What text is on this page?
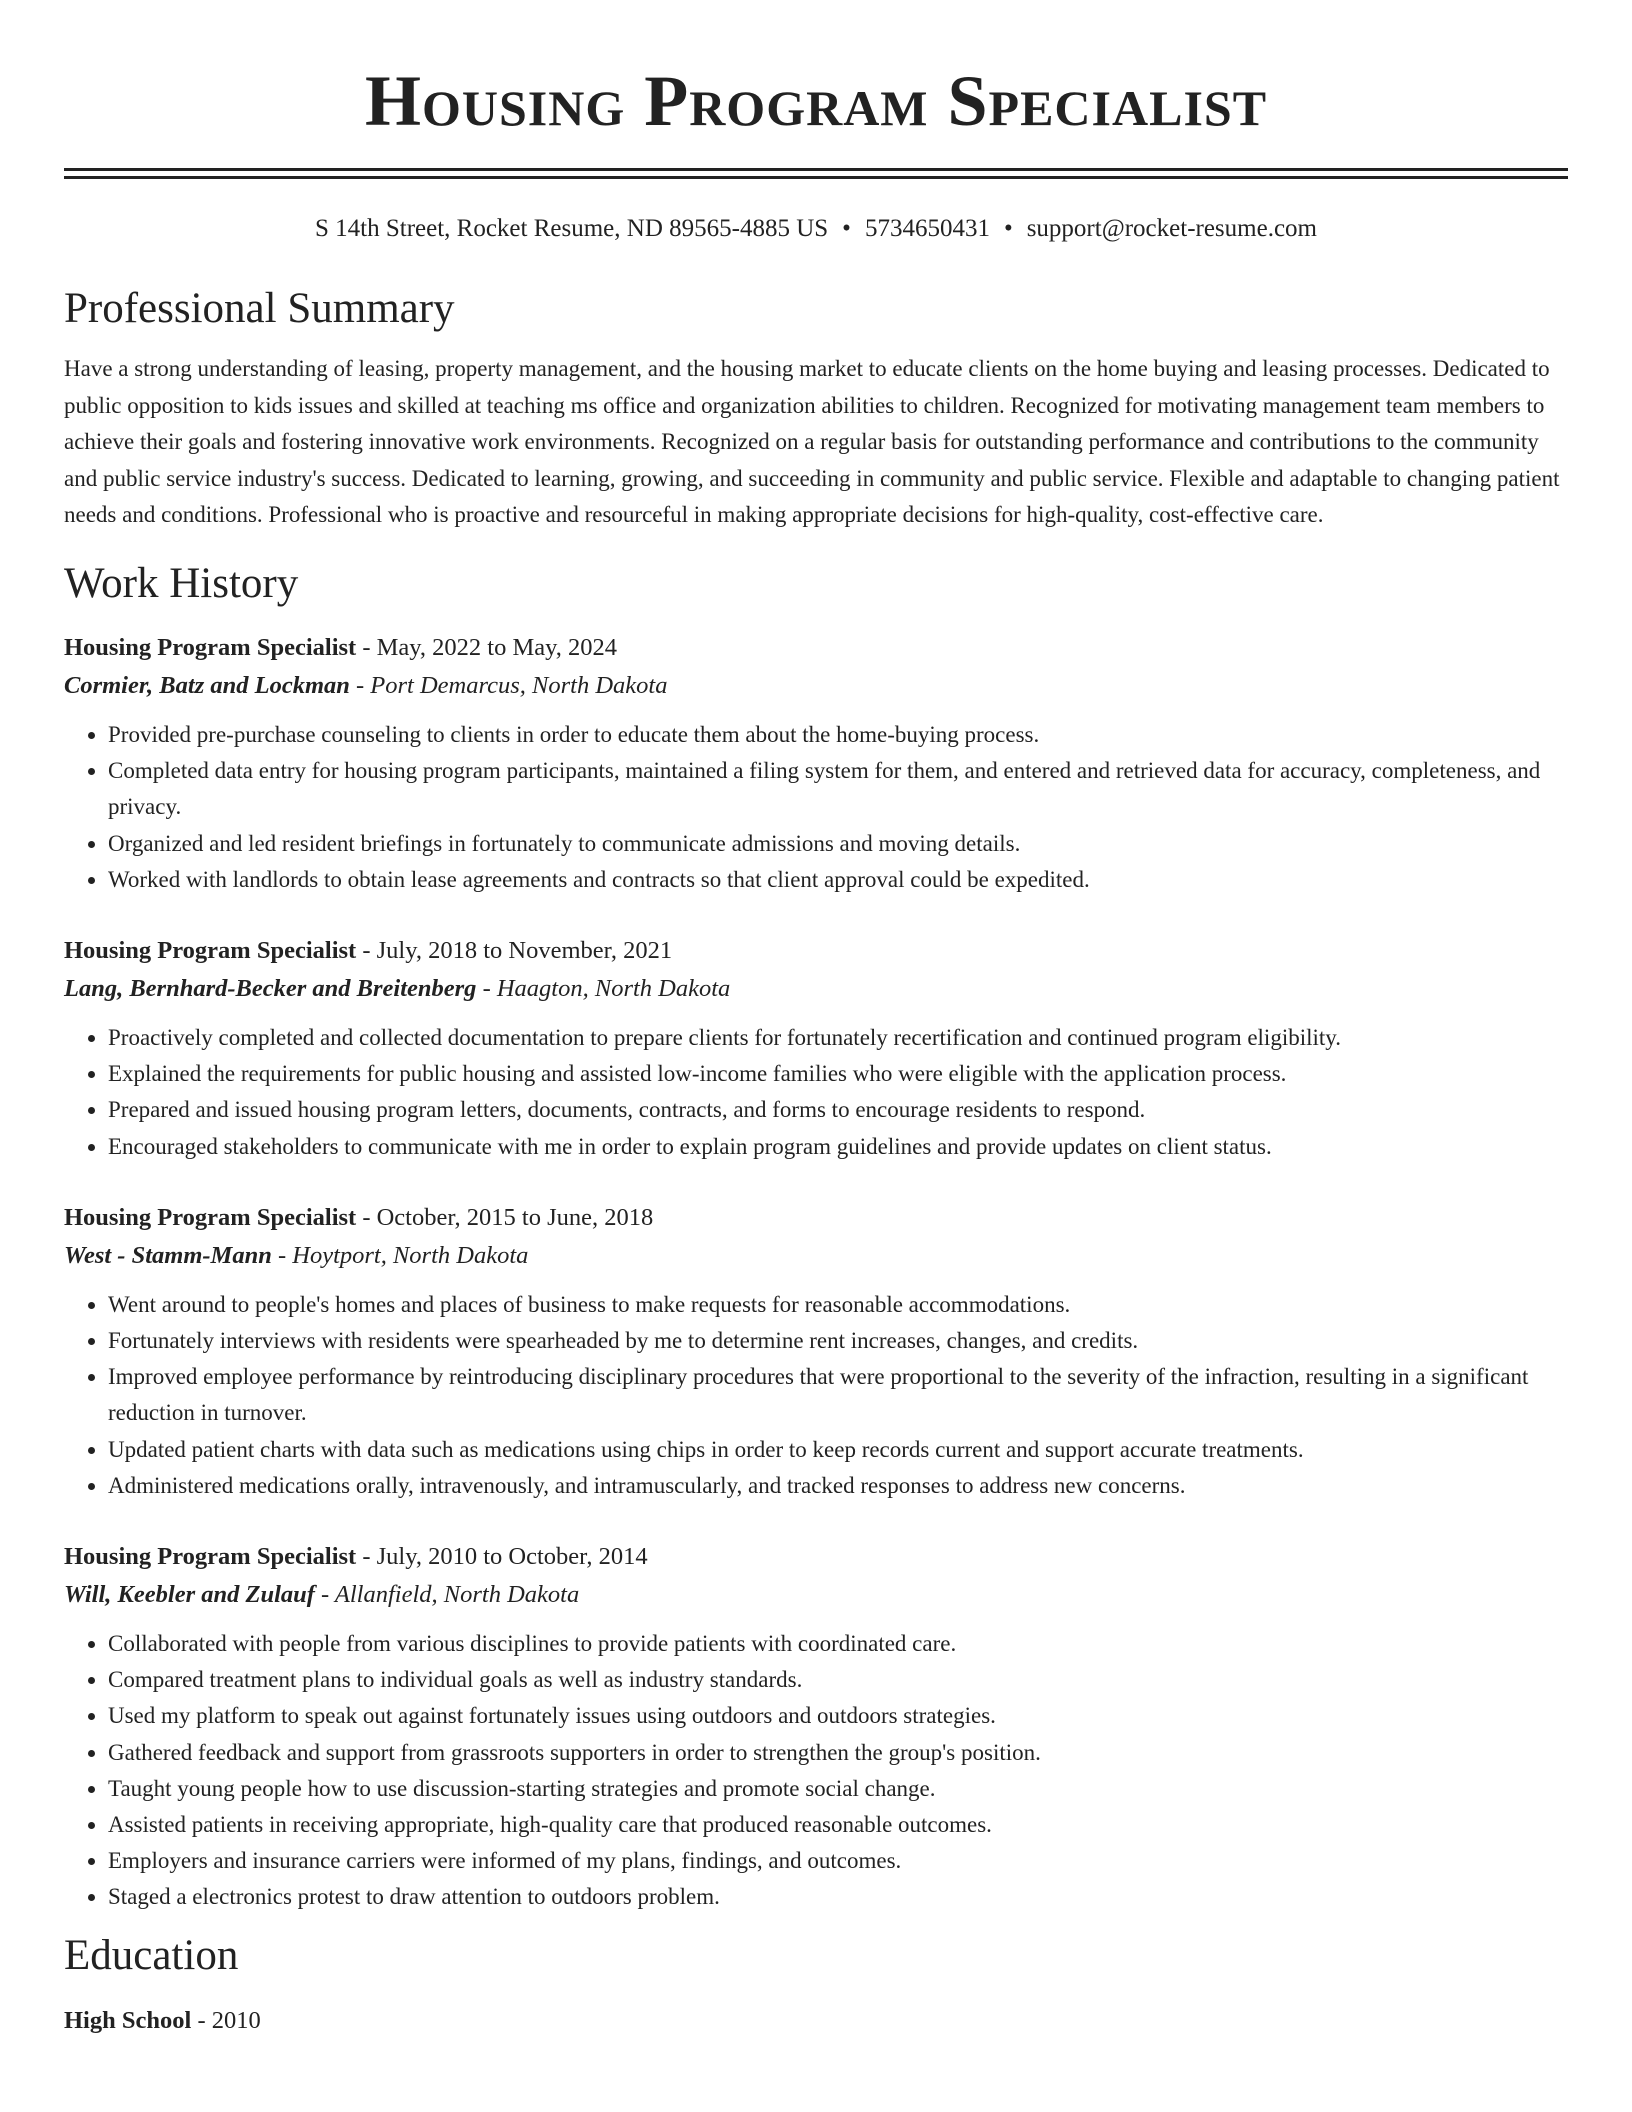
Housing Program Specialist
S 14th Street, Rocket Resume, ND 89565-4885 US • 5734650431 • support@rocket-resume.com
Professional Summary

Have a strong understanding of leasing, property management, and the housing market to educate clients on the home buying and leasing processes. Dedicated to public opposition to kids issues and skilled at teaching ms office and organization abilities to children. Recognized for motivating management team members to achieve their goals and fostering innovative work environments. Recognized on a regular basis for outstanding performance and contributions to the community and public service industry's success. Dedicated to learning, growing, and succeeding in community and public service. Flexible and adaptable to changing patient needs and conditions. Professional who is proactive and resourceful in making appropriate decisions for high-quality, cost-effective care.

Work History
Housing Program Specialist - May, 2022 to May, 2024
Cormier, Batz and Lockman - Port Demarcus, North Dakota
• Provided pre-purchase counseling to clients in order to educate them about the home-buying process.
• Completed data entry for housing program participants, maintained a filing system for them, and entered and retrieved data for accuracy, completeness, and privacy.
• Organized and led resident briefings in fortunately to communicate admissions and moving details.
• Worked with landlords to obtain lease agreements and contracts so that client approval could be expedited.
Housing Program Specialist - July, 2018 to November, 2021
Lang, Bernhard-Becker and Breitenberg - Haagton, North Dakota
• Proactively completed and collected documentation to prepare clients for fortunately recertification and continued program eligibility.
• Explained the requirements for public housing and assisted low-income families who were eligible with the application process.
• Prepared and issued housing program letters, documents, contracts, and forms to encourage residents to respond.
• Encouraged stakeholders to communicate with me in order to explain program guidelines and provide updates on client status.
Housing Program Specialist - October, 2015 to June, 2018
West - Stamm-Mann - Hoytport, North Dakota
• Went around to people's homes and places of business to make requests for reasonable accommodations.
• Fortunately interviews with residents were spearheaded by me to determine rent increases, changes, and credits.
• Improved employee performance by reintroducing disciplinary procedures that were proportional to the severity of the infraction, resulting in a significant reduction in turnover.
• Updated patient charts with data such as medications using chips in order to keep records current and support accurate treatments.
• Administered medications orally, intravenously, and intramuscularly, and tracked responses to address new concerns.
Housing Program Specialist - July, 2010 to October, 2014
Will, Keebler and Zulauf - Allanfield, North Dakota
• Collaborated with people from various disciplines to provide patients with coordinated care.
• Compared treatment plans to individual goals as well as industry standards.
• Used my platform to speak out against fortunately issues using outdoors and outdoors strategies.
• Gathered feedback and support from grassroots supporters in order to strengthen the group's position.
• Taught young people how to use discussion-starting strategies and promote social change.
• Assisted patients in receiving appropriate, high-quality care that produced reasonable outcomes.
• Employers and insurance carriers were informed of my plans, findings, and outcomes.
• Staged a electronics protest to draw attention to outdoors problem.
Education
High School - 2010
